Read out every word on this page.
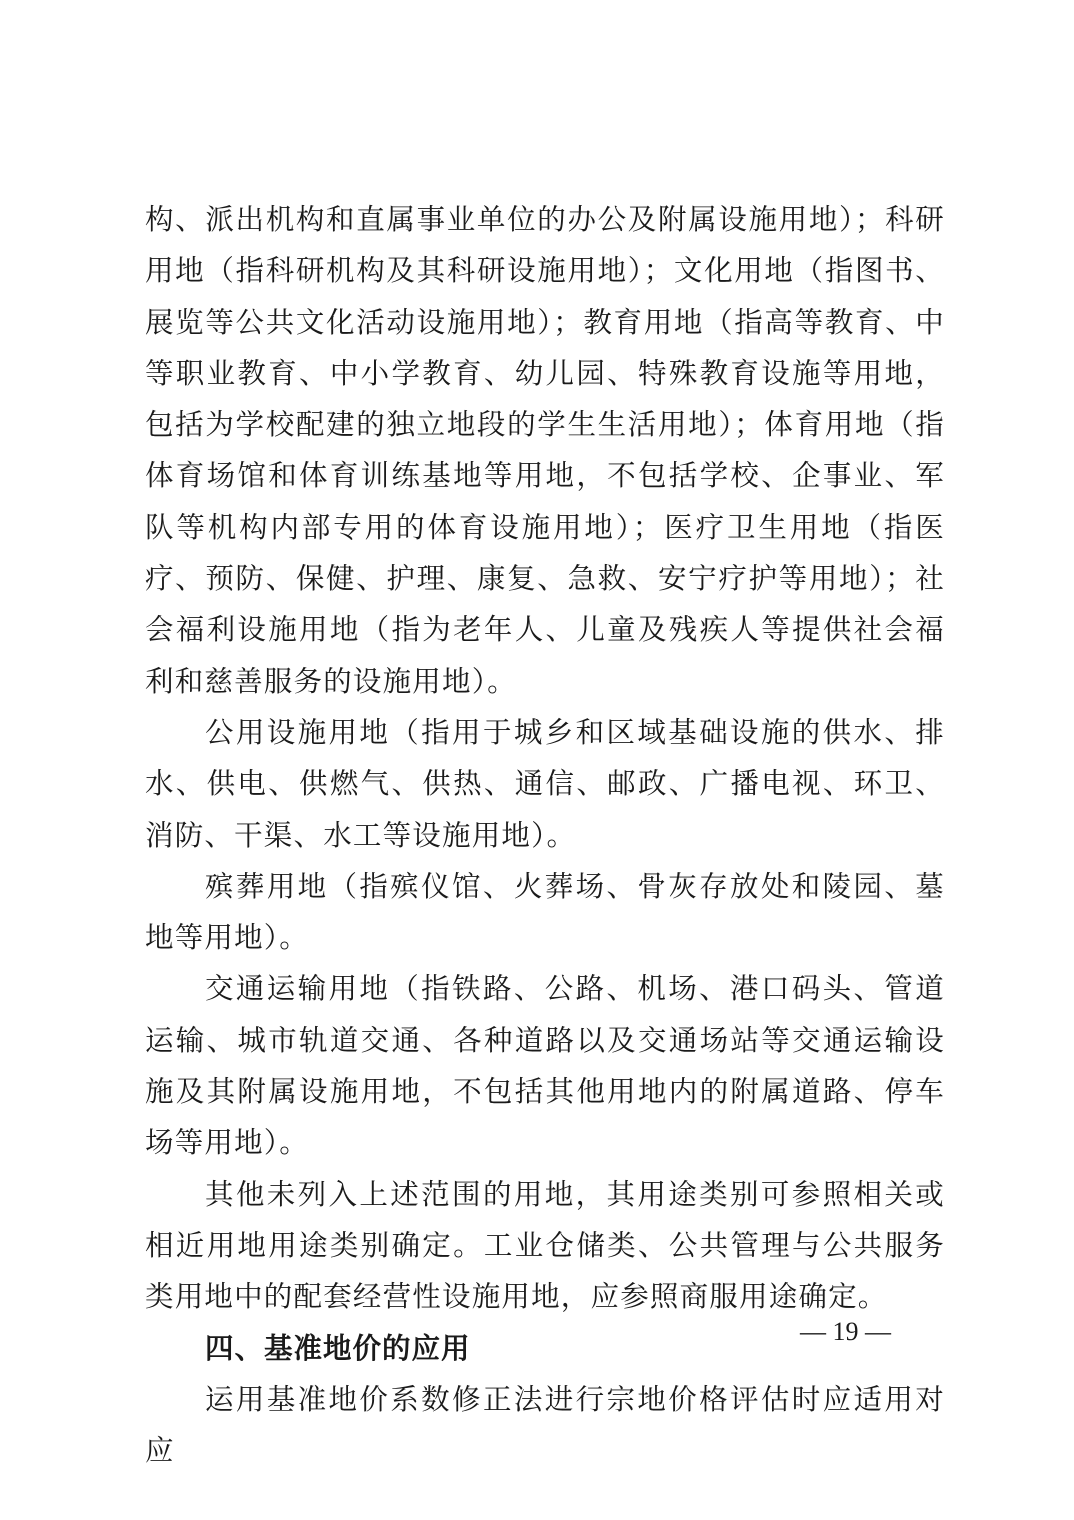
构、派出机构和直属事业单位的办公及附属设施用地）；科研用地（指科研机构及其科研设施用地）；文化用地（指图书、展览等公共文化活动设施用地）；教育用地（指高等教育、中等职业教育、中小学教育、幼儿园、特殊教育设施等用地，包括为学校配建的独立地段的学生生活用地）；体育用地（指体育场馆和体育训练基地等用地，不包括学校、企事业、军队等机构内部专用的体育设施用地）；医疗卫生用地（指医疗、预防、保健、护理、康复、急救、安宁疗护等用地）；社会福利设施用地（指为老年人、儿童及残疾人等提供社会福利和慈善服务的设施用地）。

公用设施用地（指用于城乡和区域基础设施的供水、排水、供电、供燃气、供热、通信、邮政、广播电视、环卫、消防、干渠、水工等设施用地）。

殡葬用地（指殡仪馆、火葬场、骨灰存放处和陵园、墓地等用地）。

交通运输用地（指铁路、公路、机场、港口码头、管道运输、城市轨道交通、各种道路以及交通场站等交通运输设施及其附属设施用地，不包括其他用地内的附属道路、停车场等用地）。

其他未列入上述范围的用地，其用途类别可参照相关或相近用地用途类别确定。工业仓储类、公共管理与公共服务类用地中的配套经营性设施用地，应参照商服用途确定。

四、基准地价的应用

运用基准地价系数修正法进行宗地价格评估时应适用对应

— 19 —
